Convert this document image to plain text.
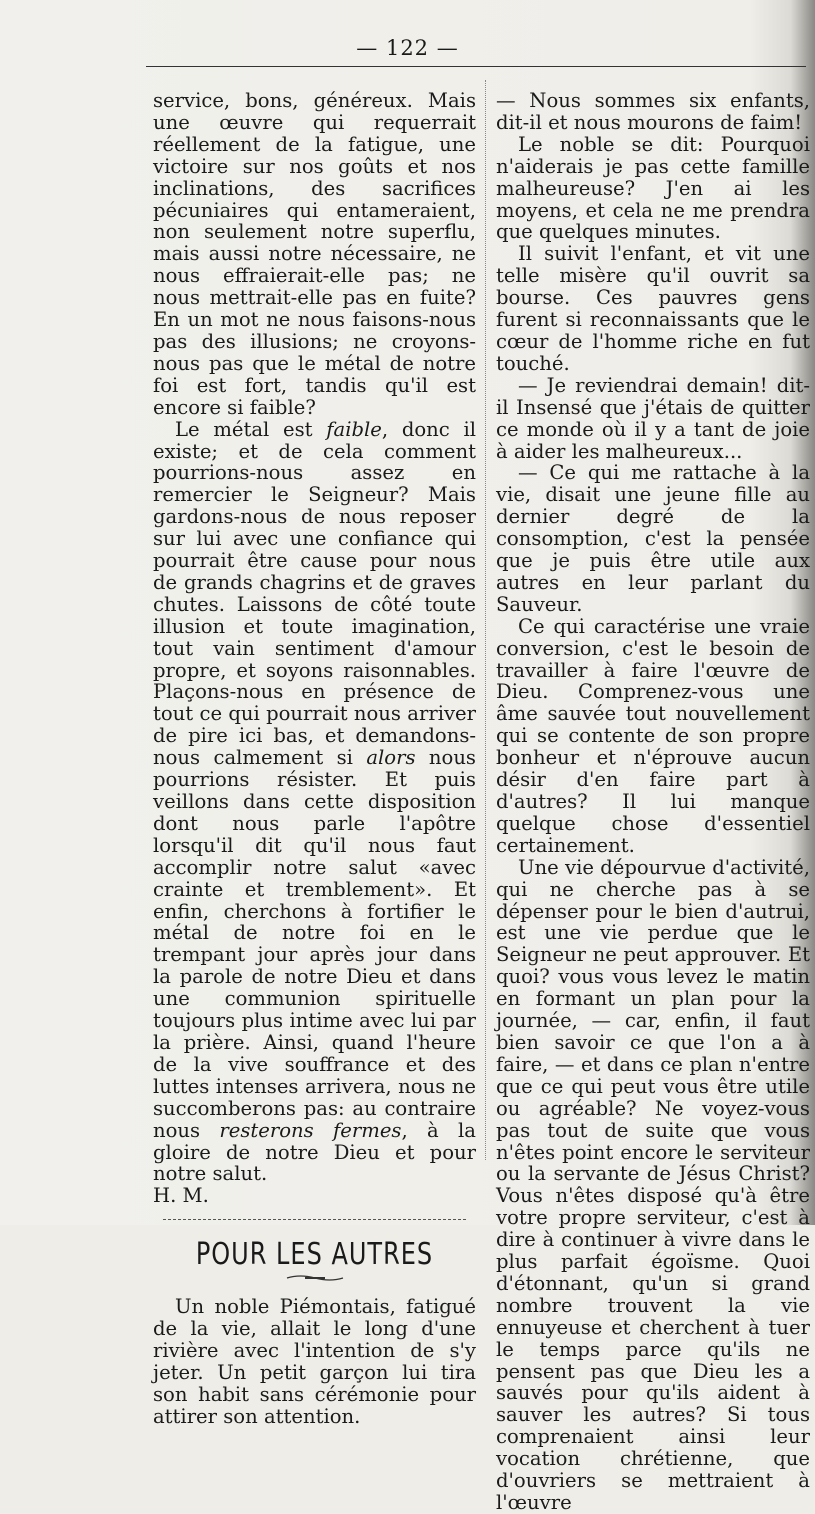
— 122 —

service, bons, généreux. Mais une œuvre qui requerrait réellement de la fatigue, une victoire sur nos goûts et nos inclinations, des sacrifices pécuniaires qui entameraient, non seulement notre superflu, mais aussi notre nécessaire, ne nous effraierait-elle pas; ne nous mettrait-elle pas en fuite? En un mot ne nous faisons-nous pas des illusions; ne croyons-nous pas que le métal de notre foi est fort, tandis qu'il est encore si faible?

Le métal est faible, donc il existe; et de cela comment pourrions-nous assez en remercier le Seigneur? Mais gardons-nous de nous reposer sur lui avec une confiance qui pourrait être cause pour nous de grands chagrins et de graves chutes. Laissons de côté toute illusion et toute imagination, tout vain sentiment d'amour propre, et soyons raisonnables. Plaçons-nous en présence de tout ce qui pourrait nous arriver de pire ici bas, et demandons-nous calmement si alors nous pourrions résister. Et puis veillons dans cette disposition dont nous parle l'apôtre lorsqu'il dit qu'il nous faut accomplir notre salut «avec crainte et tremblement». Et enfin, cherchons à fortifier le métal de notre foi en le trempant jour après jour dans la parole de notre Dieu et dans une communion spirituelle toujours plus intime avec lui par la prière. Ainsi, quand l'heure de la vive souffrance et des luttes intenses arrivera, nous ne succomberons pas: au contraire nous resterons fermes, à la gloire de notre Dieu et pour notre salut.

H. M.

POUR LES AUTRES

Un noble Piémontais, fatigué de la vie, allait le long d'une rivière avec l'intention de s'y jeter. Un petit garçon lui tira son habit sans cérémonie pour attirer son attention.

— Nous sommes six enfants, dit-il et nous mourons de faim!

Le noble se dit: Pourquoi n'aiderais je pas cette famille malheureuse? J'en ai les moyens, et cela ne me prendra que quelques minutes.

Il suivit l'enfant, et vit une telle misère qu'il ouvrit sa bourse. Ces pauvres gens furent si reconnaissants que le cœur de l'homme riche en fut touché.

— Je reviendrai demain! dit-il Insensé que j'étais de quitter ce monde où il y a tant de joie à aider les malheureux...

— Ce qui me rattache à la vie, disait une jeune fille au dernier degré de la consomption, c'est la pensée que je puis être utile aux autres en leur parlant du Sauveur.

Ce qui caractérise une vraie conversion, c'est le besoin de travailler à faire l'œuvre de Dieu. Comprenez-vous une âme sauvée tout nouvellement qui se contente de son propre bonheur et n'éprouve aucun désir d'en faire part à d'autres? Il lui manque quelque chose d'essentiel certainement.

Une vie dépourvue d'activité, qui ne cherche pas à se dépenser pour le bien d'autrui, est une vie perdue que le Seigneur ne peut approuver. Et quoi? vous vous levez le matin en formant un plan pour la journée, — car, enfin, il faut bien savoir ce que l'on a à faire, — et dans ce plan n'entre que ce qui peut vous être utile ou agréable? Ne voyez-vous pas tout de suite que vous n'êtes point encore le serviteur ou la servante de Jésus Christ? Vous n'êtes disposé qu'à être votre propre serviteur, c'est à dire à continuer à vivre dans le plus parfait égoïsme. Quoi d'étonnant, qu'un si grand nombre trouvent la vie ennuyeuse et cherchent à tuer le temps parce qu'ils ne pensent pas que Dieu les a sauvés pour qu'ils aident à sauver les autres? Si tous comprenaient ainsi leur vocation chrétienne, que d'ouvriers se mettraient à l'œuvre
